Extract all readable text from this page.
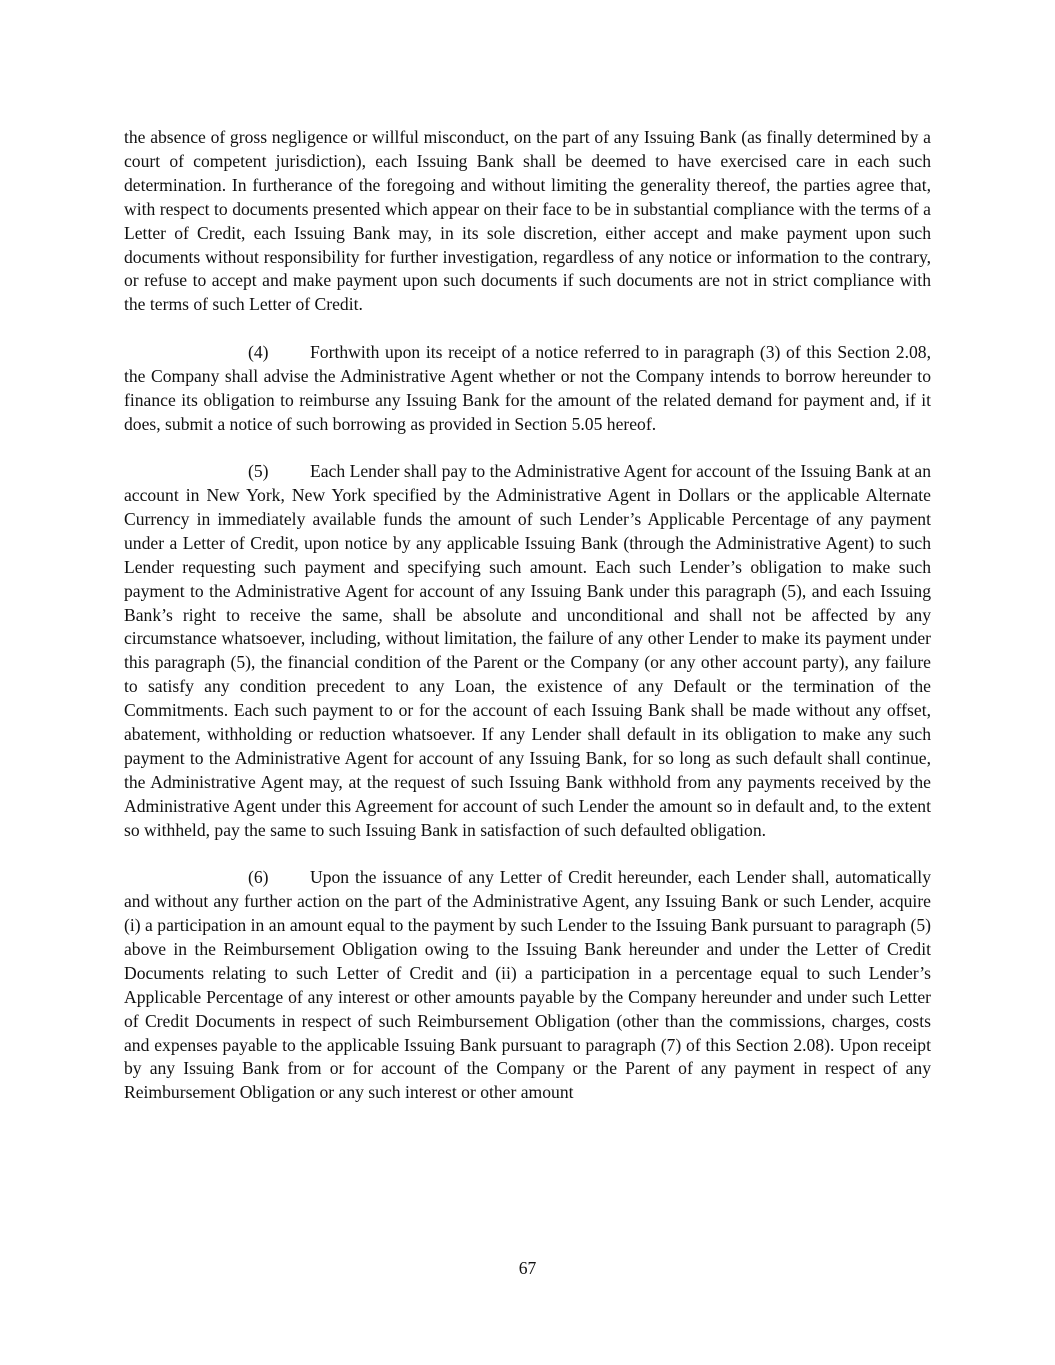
the absence of gross negligence or willful misconduct, on the part of any Issuing Bank (as finally determined by a court of competent jurisdiction), each Issuing Bank shall be deemed to have exercised care in each such determination. In furtherance of the foregoing and without limiting the generality thereof, the parties agree that, with respect to documents presented which appear on their face to be in substantial compliance with the terms of a Letter of Credit, each Issuing Bank may, in its sole discretion, either accept and make payment upon such documents without responsibility for further investigation, regardless of any notice or information to the contrary, or refuse to accept and make payment upon such documents if such documents are not in strict compliance with the terms of such Letter of Credit.

(4) Forthwith upon its receipt of a notice referred to in paragraph (3) of this Section 2.08, the Company shall advise the Administrative Agent whether or not the Company intends to borrow hereunder to finance its obligation to reimburse any Issuing Bank for the amount of the related demand for payment and, if it does, submit a notice of such borrowing as provided in Section 5.05 hereof.

(5) Each Lender shall pay to the Administrative Agent for account of the Issuing Bank at an account in New York, New York specified by the Administrative Agent in Dollars or the applicable Alternate Currency in immediately available funds the amount of such Lender’s Applicable Percentage of any payment under a Letter of Credit, upon notice by any applicable Issuing Bank (through the Administrative Agent) to such Lender requesting such payment and specifying such amount. Each such Lender’s obligation to make such payment to the Administrative Agent for account of any Issuing Bank under this paragraph (5), and each Issuing Bank’s right to receive the same, shall be absolute and unconditional and shall not be affected by any circumstance whatsoever, including, without limitation, the failure of any other Lender to make its payment under this paragraph (5), the financial condition of the Parent or the Company (or any other account party), any failure to satisfy any condition precedent to any Loan, the existence of any Default or the termination of the Commitments. Each such payment to or for the account of each Issuing Bank shall be made without any offset, abatement, withholding or reduction whatsoever. If any Lender shall default in its obligation to make any such payment to the Administrative Agent for account of any Issuing Bank, for so long as such default shall continue, the Administrative Agent may, at the request of such Issuing Bank withhold from any payments received by the Administrative Agent under this Agreement for account of such Lender the amount so in default and, to the extent so withheld, pay the same to such Issuing Bank in satisfaction of such defaulted obligation.

(6) Upon the issuance of any Letter of Credit hereunder, each Lender shall, automatically and without any further action on the part of the Administrative Agent, any Issuing Bank or such Lender, acquire (i) a participation in an amount equal to the payment by such Lender to the Issuing Bank pursuant to paragraph (5) above in the Reimbursement Obligation owing to the Issuing Bank hereunder and under the Letter of Credit Documents relating to such Letter of Credit and (ii) a participation in a percentage equal to such Lender’s Applicable Percentage of any interest or other amounts payable by the Company hereunder and under such Letter of Credit Documents in respect of such Reimbursement Obligation (other than the commissions, charges, costs and expenses payable to the applicable Issuing Bank pursuant to paragraph (7) of this Section 2.08). Upon receipt by any Issuing Bank from or for account of the Company or the Parent of any payment in respect of any Reimbursement Obligation or any such interest or other amount

67
